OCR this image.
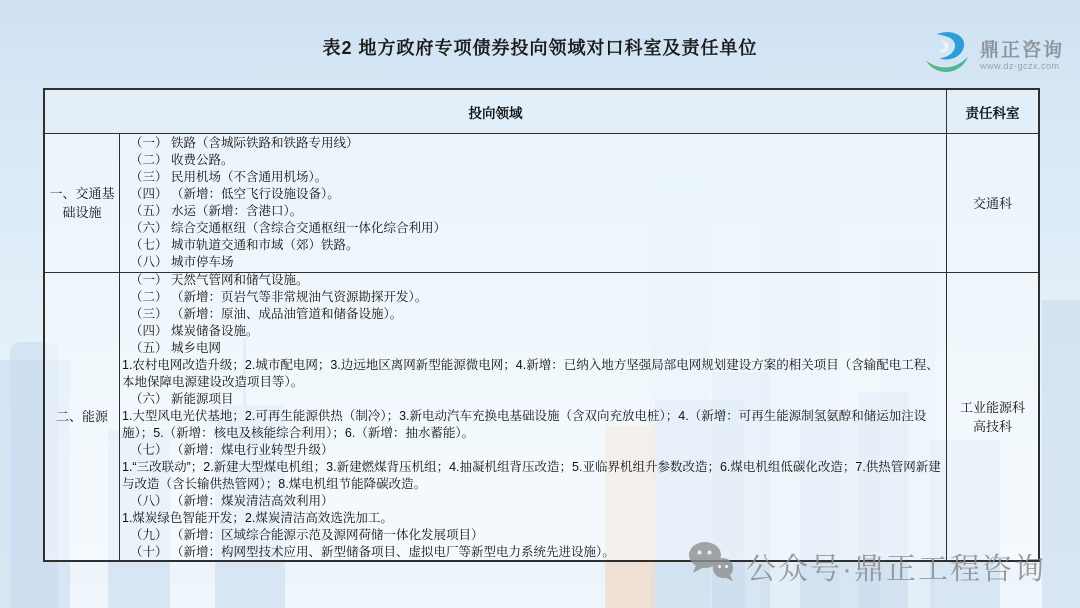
表2 地方政府专项债券投向领域对口科室及责任单位	鼎正咨询
www.dz-gczx.com
投向领域	责任科室
一、交通基础设施
（一） 铁路（含城际铁路和铁路专用线）
（二） 收费公路。
（三） 民用机场（不含通用机场）。
（四） （新增：低空飞行设施设备）。
（五） 水运（新增：含港口）。
（六） 综合交通枢纽（含综合交通枢纽一体化综合利用）
（七） 城市轨道交通和市域（郊）铁路。
（八） 城市停车场
交通科
二、能源
（一） 天然气管网和储气设施。
（二） （新增：页岩气等非常规油气资源勘探开发）。
（三） （新增：原油、成品油管道和储备设施）。
（四） 煤炭储备设施。
（五） 城乡电网
1.农村电网改造升级；2.城市配电网；3.边远地区离网新型能源微电网；4.新增：已纳入地方坚强局部电网规划建设方案的相关项目（含输配电工程、本地保障电源建设改造项目等）。
（六） 新能源项目
1.大型风电光伏基地；2.可再生能源供热（制冷）；3.新电动汽车充换电基础设施（含双向充放电桩）；4.（新增：可再生能源制氢氨醇和储运加注设施）；5.（新增：核电及核能综合利用）；6.（新增：抽水蓄能）。
（七） （新增：煤电行业转型升级）
1.“三改联动”；2.新建大型煤电机组；3.新建燃煤背压机组；4.抽凝机组背压改造；5.亚临界机组升参数改造；6.煤电机组低碳化改造；7.供热管网新建与改造（含长输供热管网）；8.煤电机组节能降碳改造。
（八） （新增：煤炭清洁高效利用）
1.煤炭绿色智能开发；2.煤炭清洁高效选洗加工。
（九） （新增：区域综合能源示范及源网荷储一体化发展项目）
（十） （新增：构网型技术应用、新型储备项目、虚拟电厂等新型电力系统先进设施）。
工业能源科
高技科
公众号·鼎正工程咨询
